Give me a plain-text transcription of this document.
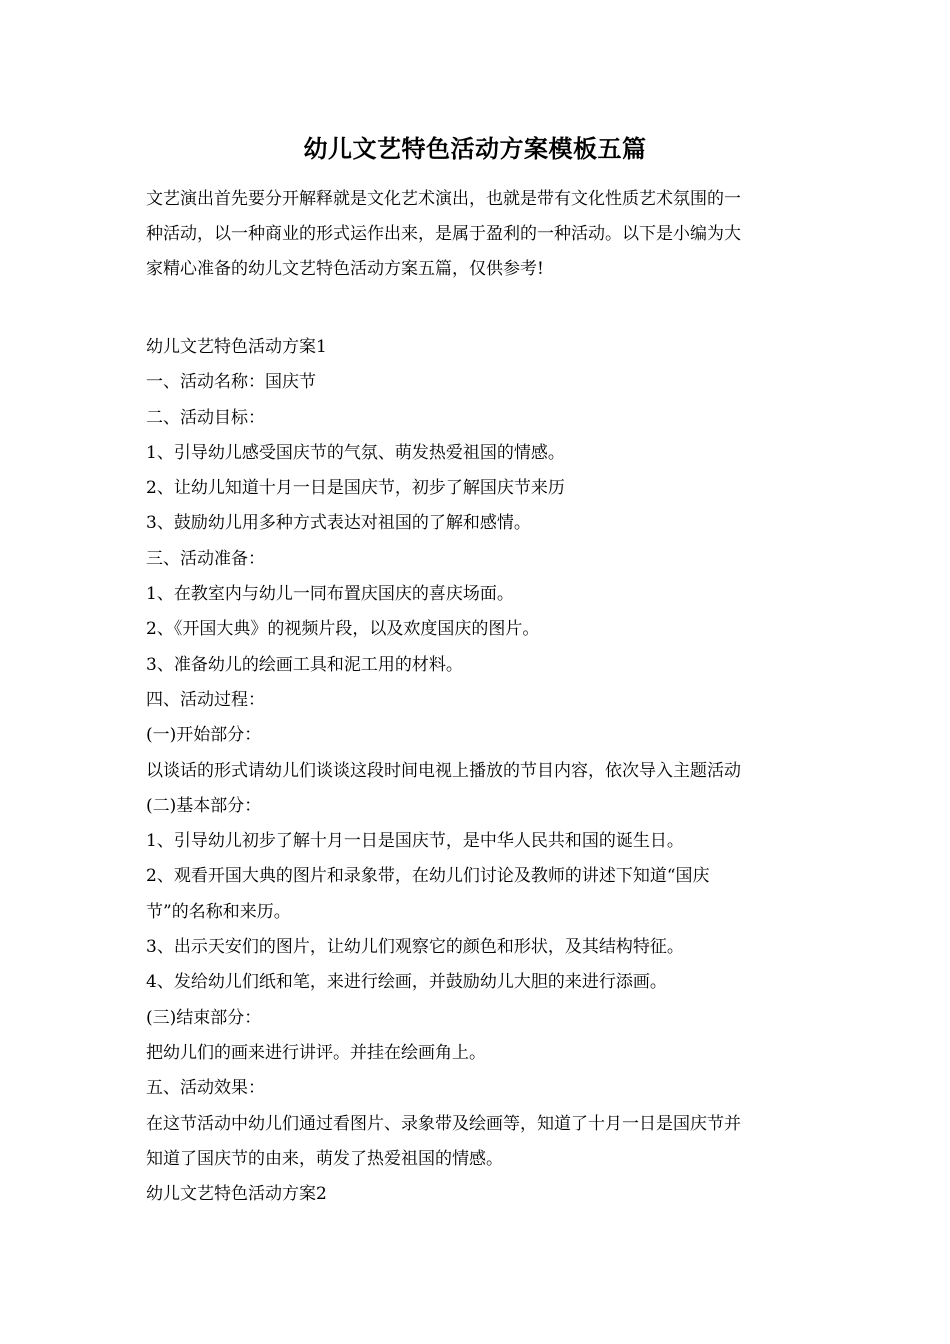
幼儿文艺特色活动方案模板五篇

文艺演出首先要分开解释就是文化艺术演出，也就是带有文化性质艺术氛围的一

种活动，以一种商业的形式运作出来，是属于盈利的一种活动。以下是小编为大

家精心准备的幼儿文艺特色活动方案五篇，仅供参考!

幼儿文艺特色活动方案1
一、活动名称：国庆节
二、活动目标：
1、引导幼儿感受国庆节的气氛、萌发热爱祖国的情感。
2、让幼儿知道十月一日是国庆节，初步了解国庆节来历
3、鼓励幼儿用多种方式表达对祖国的了解和感情。
三、活动准备：
1、在教室内与幼儿一同布置庆国庆的喜庆场面。
2、《开国大典》的视频片段，以及欢度国庆的图片。
3、准备幼儿的绘画工具和泥工用的材料。
四、活动过程：
(一)开始部分：
以谈话的形式请幼儿们谈谈这段时间电视上播放的节目内容，依次导入主题活动
(二)基本部分：
1、引导幼儿初步了解十月一日是国庆节，是中华人民共和国的诞生日。
2、观看开国大典的图片和录象带，在幼儿们讨论及教师的讲述下知道“国庆
节”的名称和来历。
3、出示天安们的图片，让幼儿们观察它的颜色和形状，及其结构特征。
4、发给幼儿们纸和笔，来进行绘画，并鼓励幼儿大胆的来进行添画。
(三)结束部分：
把幼儿们的画来进行讲评。并挂在绘画角上。
五、活动效果：
在这节活动中幼儿们通过看图片、录象带及绘画等，知道了十月一日是国庆节并
知道了国庆节的由来，萌发了热爱祖国的情感。
幼儿文艺特色活动方案2
